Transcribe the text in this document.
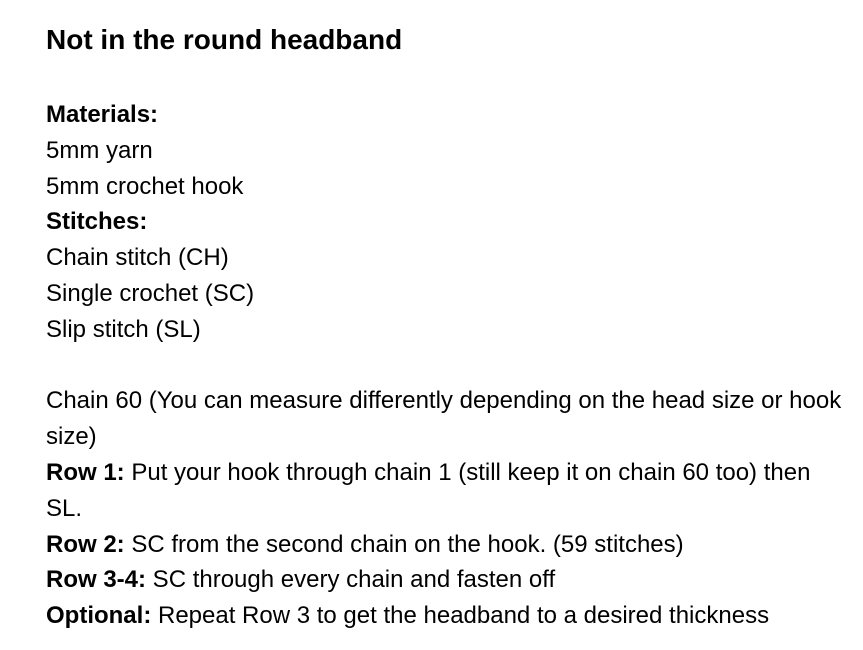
Not in the round headband
Materials:
5mm yarn
5mm crochet hook
Stitches:
Chain stitch (CH)
Single crochet (SC)
Slip stitch (SL)
Chain 60 (You can measure differently depending on the head size or hook size)
Row 1: Put your hook through chain 1 (still keep it on chain 60 too) then SL.
Row 2: SC from the second chain on the hook. (59 stitches)
Row 3-4: SC through every chain and fasten off
Optional: Repeat Row 3 to get the headband to a desired thickness
